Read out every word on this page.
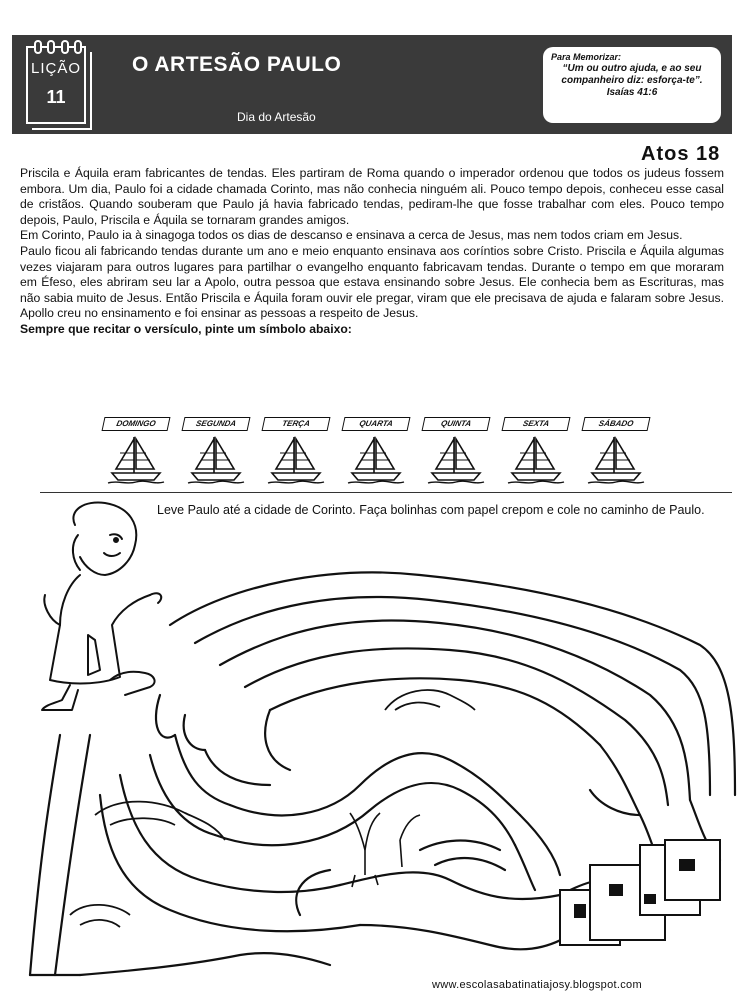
LIÇÃO
11
O ARTESÃO PAULO
Dia do Artesão
Para Memorizar:
“Um ou outro ajuda, e ao seu companheiro diz: esforça-te”.
Isaías 41:6
Atos 18

Priscila e Áquila eram fabricantes de tendas. Eles partiram de Roma quando o imperador ordenou que todos os judeus fossem embora. Um dia, Paulo foi a cidade chamada Corinto, mas não conhecia ninguém ali. Pouco tempo depois, conheceu esse casal de cristãos. Quando souberam que Paulo já havia fabricado tendas, pediram-lhe que fosse trabalhar com eles. Pouco tempo depois, Paulo, Priscila e Áquila se tornaram grandes amigos.

Em Corinto, Paulo ia à sinagoga todos os dias de descanso e ensinava a cerca de Jesus, mas nem todos criam em Jesus.

Paulo ficou ali fabricando tendas durante um ano e meio enquanto ensinava aos coríntios sobre Cristo. Priscila e Áquila algumas vezes viajaram para outros lugares para partilhar o evangelho enquanto fabricavam tendas. Durante o tempo em que moraram em Éfeso, eles abriram seu lar a Apolo, outra pessoa que estava ensinando sobre Jesus. Ele conhecia bem as Escrituras, mas não sabia muito de Jesus. Então Priscila e Áquila foram ouvir ele pregar, viram que ele precisava de ajuda e falaram sobre Jesus. Apollo creu no ensinamento e foi ensinar as pessoas a respeito de Jesus.

Sempre que recitar o versículo, pinte um símbolo abaixo:

DOMINGO	SEGUNDA	TERÇA	QUARTA	QUINTA	SEXTA	SÁBADO
Leve Paulo até a cidade de Corinto. Faça bolinhas com papel crepom e cole no caminho de Paulo.
www.escolasabatinatiajosy.blogspot.com
